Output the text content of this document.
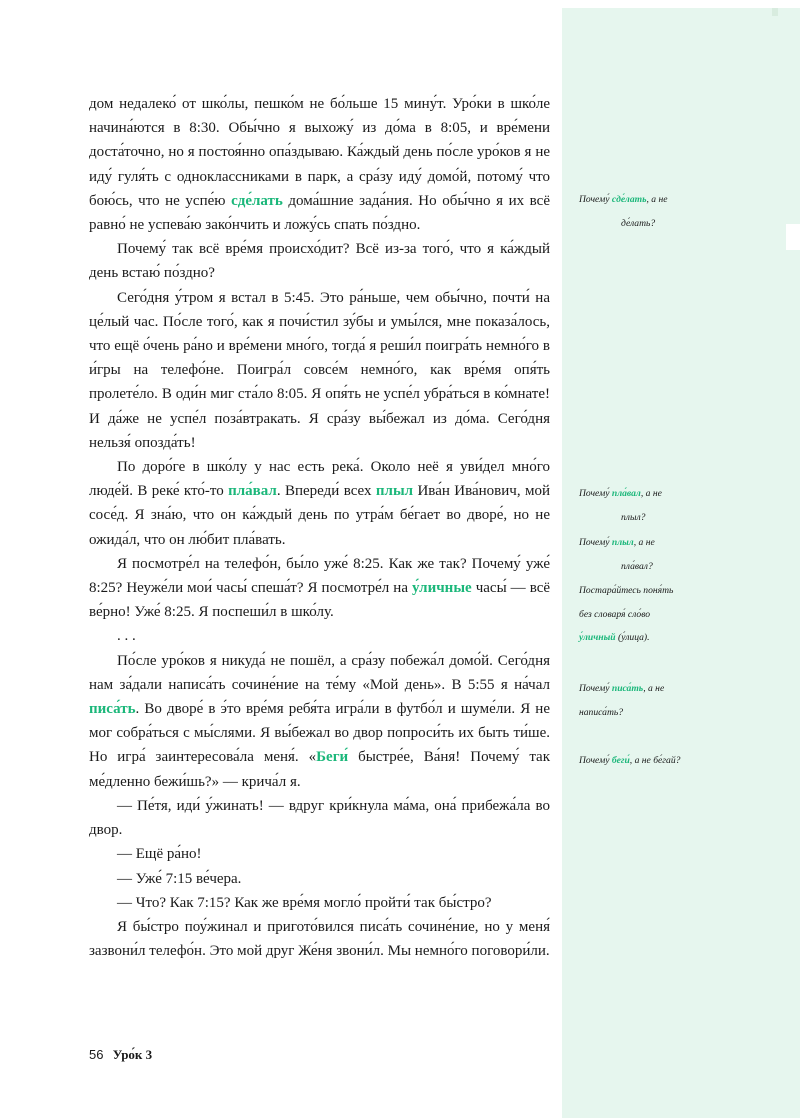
дом недалеко́ от шко́лы, пешко́м не бо́льше 15 мину́т. Уро́ки в шко́ле начина́ются в 8:30. Обы́чно я выхожу́ из до́ма в 8:05, и вре́мени доста́точно, но я постоя́нно опа́здываю. Ка́ждый день по́сле уро́ков я не иду́ гуля́ть с одноклассниками в парк, а сра́зу иду́ домо́й, потому́ что бою́сь, что не успе́ю сде́лать дома́шние зада́ния. Но обы́чно я их всё равно́ не успева́ю зако́нчить и ложу́сь спать по́здно.

Почему́ так всё вре́мя происхо́дит? Всё из-за того́, что я ка́ждый день встаю́ по́здно?

Сего́дня у́тром я встал в 5:45. Это ра́ньше, чем обы́чно, почти́ на це́лый час. По́сле того́, как я почи́стил зу́бы и умы́лся, мне показа́лось, что ещё о́чень ра́но и вре́мени мно́го, тогда́ я реши́л поигра́ть немно́го в и́гры на телефо́не. Поигра́л совсе́м немно́го, как вре́мя опя́ть пролете́ло. В оди́н миг ста́ло 8:05. Я опя́ть не успе́л убра́ться в ко́мнате! И да́же не успе́л поза́втракать. Я сра́зу вы́бежал из до́ма. Сего́дня нельзя́ опозда́ть!

По доро́ге в шко́лу у нас есть река́. Около неё я уви́дел мно́го люде́й. В реке́ кто́-то пла́вал. Впереди́ всех плыл Ива́н Ива́нович, мой сосе́д. Я зна́ю, что он ка́ждый день по утра́м бе́гает во дворе́, но не ожида́л, что он лю́бит пла́вать.

Я посмотре́л на телефо́н, бы́ло уже́ 8:25. Как же так? Почему́ уже́ 8:25? Неуже́ли мои́ часы́ спеша́т? Я посмотре́л на у́личные часы́ — всё ве́рно! Уже́ 8:25. Я поспеши́л в шко́лу.

. . .

По́сле уро́ков я никуда́ не пошёл, а сра́зу побежа́л домо́й. Сего́дня нам за́дали написа́ть сочине́ние на те́му «Мой день». В 5:55 я на́чал писа́ть. Во дворе́ в э́то вре́мя ребя́та игра́ли в футбо́л и шуме́ли. Я не мог собра́ться с мы́слями. Я вы́бежал во двор попроси́ть их быть ти́ше. Но игра́ заинтересова́ла меня́. «Беги́ быстре́е, Ва́ня! Почему́ так ме́дленно бежи́шь?» — крича́л я.

— Пе́тя, иди́ у́жинать! — вдруг кри́кнула ма́ма, она́ прибежа́ла во двор.

— Ещё ра́но!

— Уже́ 7:15 ве́чера.

— Что? Как 7:15? Как же вре́мя могло́ пройти́ так бы́стро?

Я бы́стро поу́жинал и пригото́вился писа́ть сочине́ние, но у меня́ зазвони́л телефо́н. Это мой друг Же́ня звони́л. Мы немно́го поговори́ли.

Почему́ сде́лать, а не
де́лать?
Почему́ пла́вал, а не
плыл?
Почему́ плыл, а не
пла́вал?
Постара́йтесь поня́ть
без словаря́ сло́во
у́личный (у́лица).
Почему́ писа́ть, а не
написа́ть?
Почему́ беги́, а не бе́гай?
56 Уро́к 3
